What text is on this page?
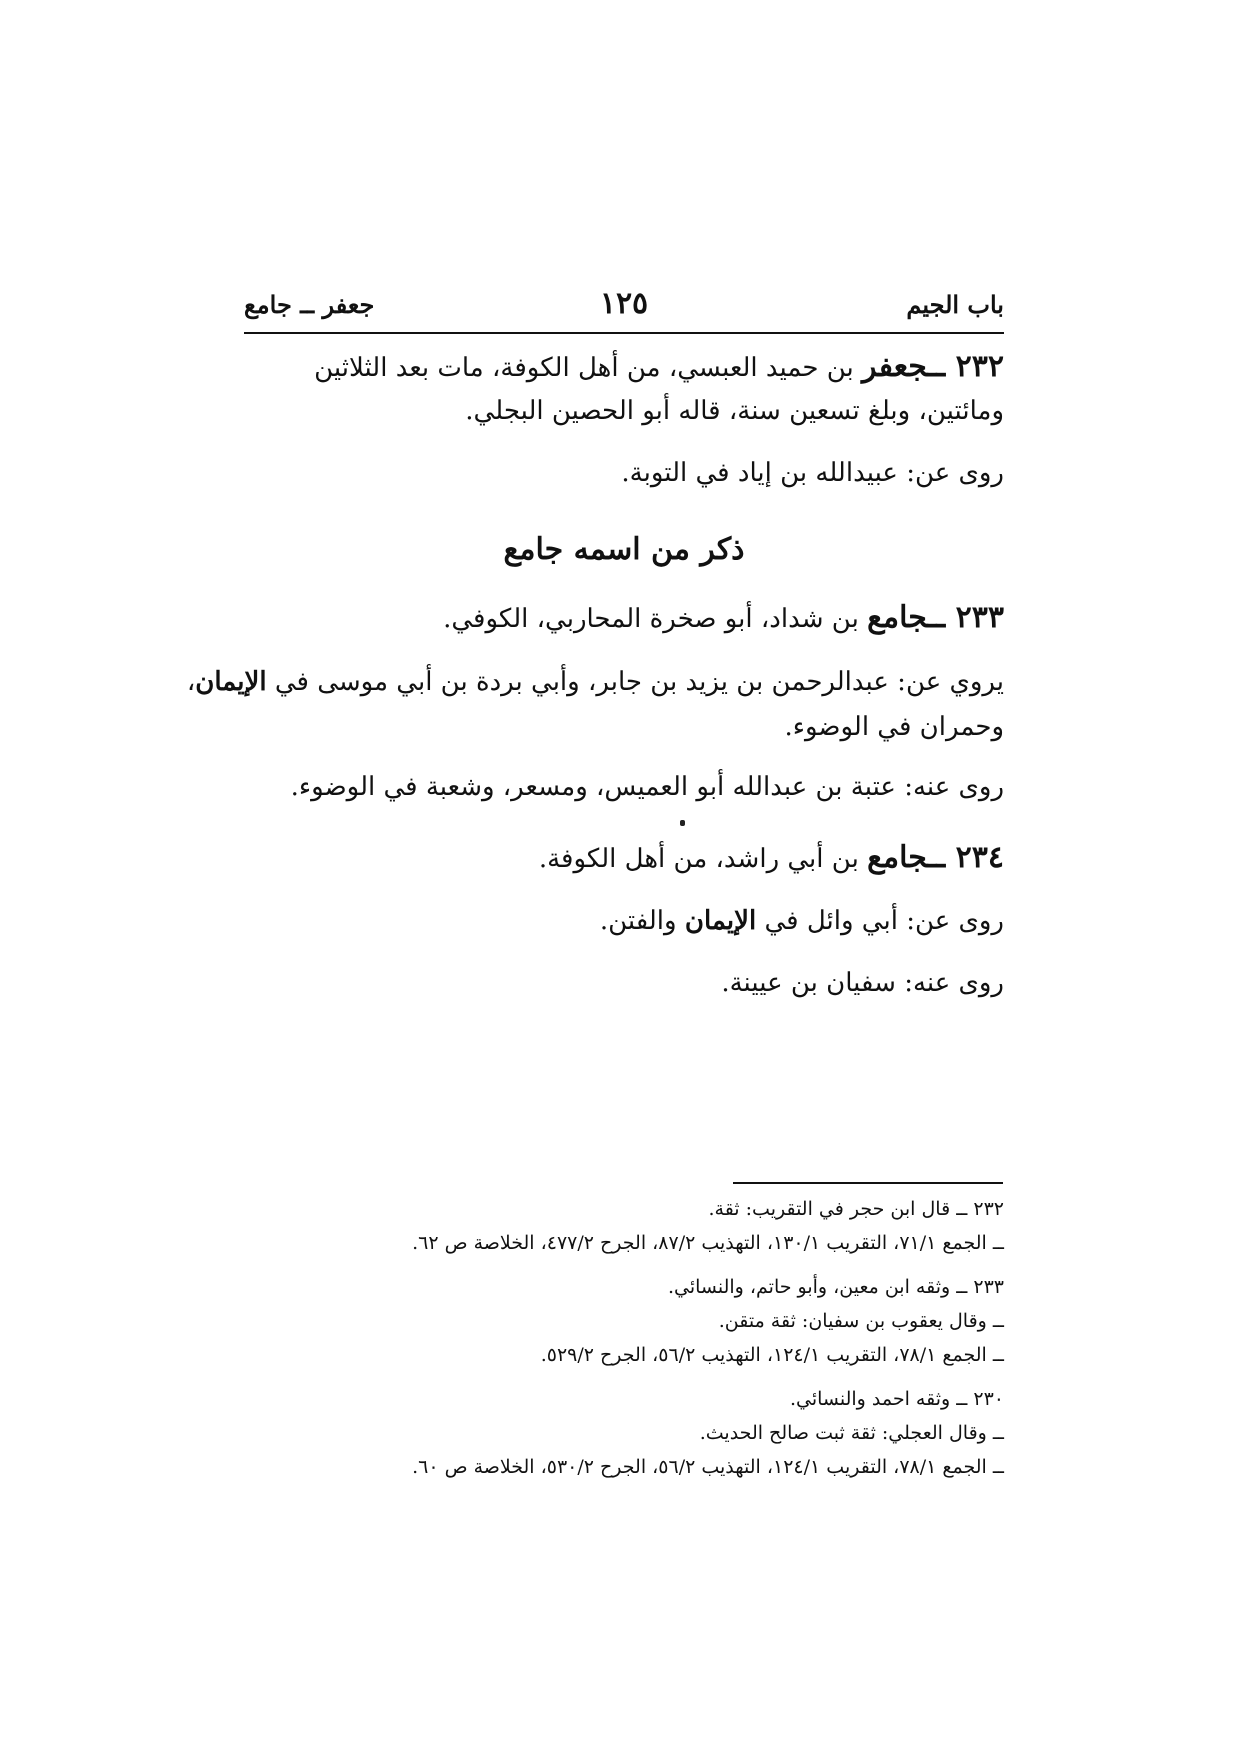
باب الجيم
١٢٥
جعفر ــ جامع
٢٣٢ ــجعفر بن حميد العبسي، من أهل الكوفة، مات بعد الثلاثين
ومائتين، وبلغ تسعين سنة، قاله أبو الحصين البجلي.
روى عن: عبيدالله بن إياد في التوبة.
ذكر من اسمه جامع
٢٣٣ ــجامع بن شداد، أبو صخرة المحاربي، الكوفي.
يروي عن: عبدالرحمن بن يزيد بن جابر، وأبي بردة بن أبي موسى في الإيمان،
وحمران في الوضوء.
روى عنه: عتبة بن عبدالله أبو العميس، ومسعر، وشعبة في الوضوء.
٢٣٤ ــجامع بن أبي راشد، من أهل الكوفة.
روى عن: أبي وائل في الإيمان والفتن.
روى عنه: سفيان بن عيينة.
٢٣٢ ــ قال ابن حجر في التقريب: ثقة.
ــ الجمع ٧١/١، التقريب ١٣٠/١، التهذيب ٨٧/٢، الجرح ٤٧٧/٢، الخلاصة ص ٦٢.
٢٣٣ ــ وثقه ابن معين، وأبو حاتم، والنسائي.
ــ وقال يعقوب بن سفيان: ثقة متقن.
ــ الجمع ٧٨/١، التقريب ١٢٤/١، التهذيب ٥٦/٢، الجرح ٥٢٩/٢.
٢٣٠ ــ وثقه احمد والنسائي.
ــ وقال العجلي: ثقة ثبت صالح الحديث.
ــ الجمع ٧٨/١، التقريب ١٢٤/١، التهذيب ٥٦/٢، الجرح ٥٣٠/٢، الخلاصة ص ٦٠.
